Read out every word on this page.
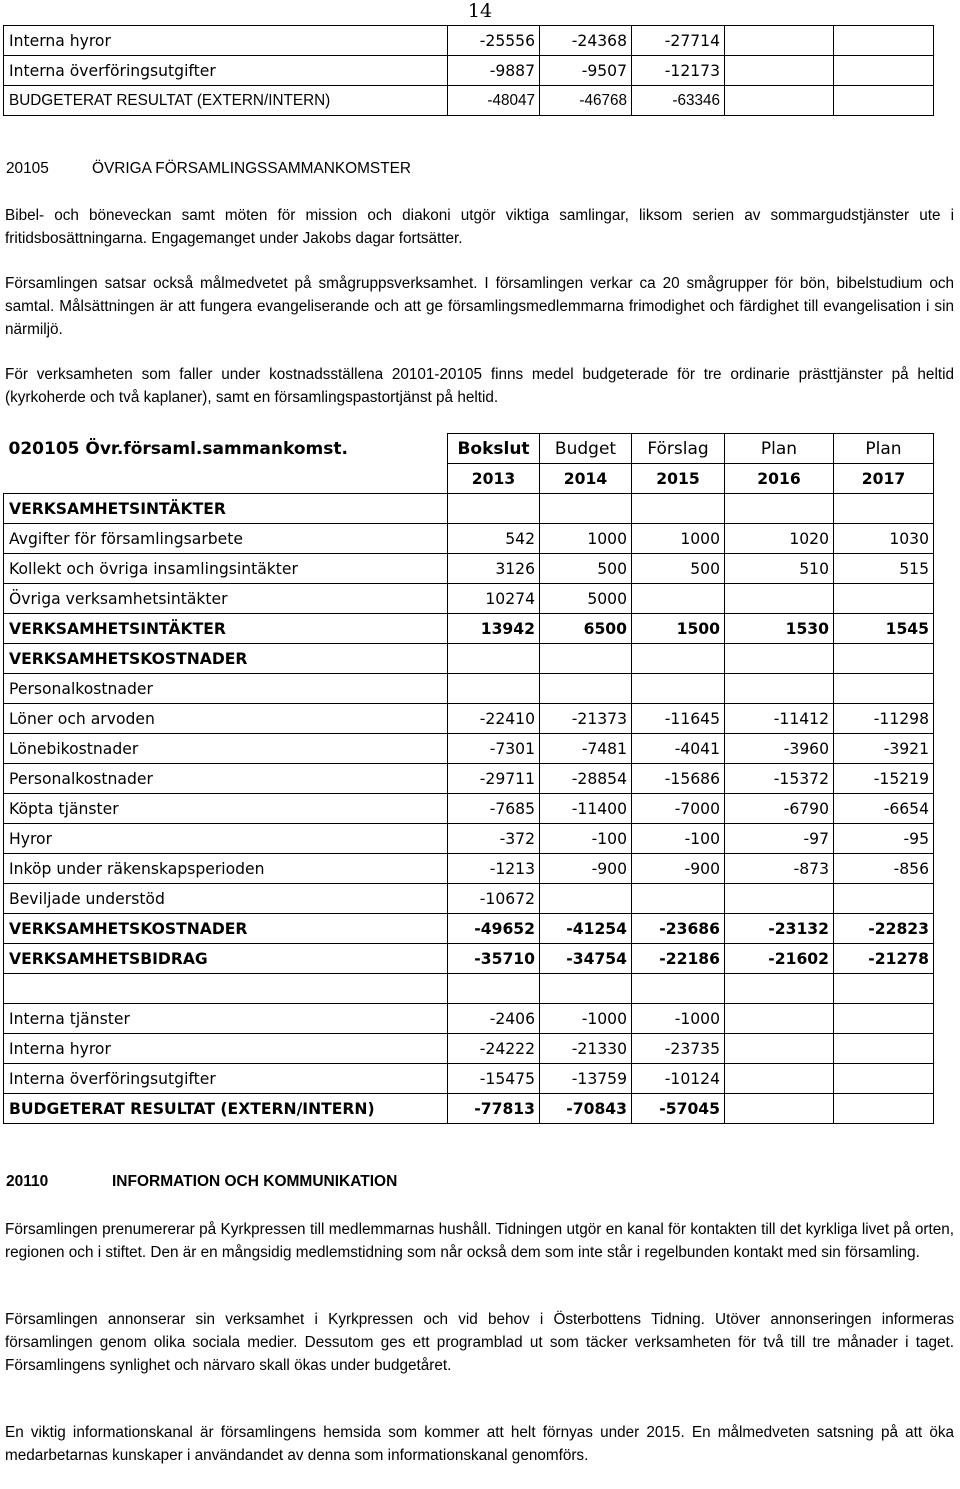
14
Interna hyror	-25556	-24368	-27714		
Interna överföringsutgifter	-9887	-9507	-12173		
BUDGETERAT RESULTAT (EXTERN/INTERN)	-48047	-46768	-63346		
20105	ÖVRIGA FÖRSAMLINGSSAMMANKOMSTER

Bibel- och böneveckan samt möten för mission och diakoni utgör viktiga samlingar, liksom serien av sommargudstjänster ute i fritidsbosättningarna. Engagemanget under Jakobs dagar fortsätter.

Församlingen satsar också målmedvetet på smågruppsverksamhet. I församlingen verkar ca 20 smågrupper för bön, bibelstudium och samtal. Målsättningen är att fungera evangeliserande och att ge församlingsmedlemmarna frimodighet och färdighet till evangelisation i sin närmiljö.

För verksamheten som faller under kostnadsställena 20101-20105 finns medel budgeterade för tre ordinarie prästtjänster på heltid (kyrkoherde och två kaplaner), samt en församlingspastortjänst på heltid.

020105 Övr.församl.sammankomst.	Bokslut	Budget	Förslag	Plan	Plan
	2013	2014	2015	2016	2017
VERKSAMHETSINTÄKTER					
Avgifter för församlingsarbete	542	1000	1000	1020	1030
Kollekt och övriga insamlingsintäkter	3126	500	500	510	515
Övriga verksamhetsintäkter	10274	5000			
VERKSAMHETSINTÄKTER	13942	6500	1500	1530	1545
VERKSAMHETSKOSTNADER					
Personalkostnader					
Löner och arvoden	-22410	-21373	-11645	-11412	-11298
Lönebikostnader	-7301	-7481	-4041	-3960	-3921
Personalkostnader	-29711	-28854	-15686	-15372	-15219
Köpta tjänster	-7685	-11400	-7000	-6790	-6654
Hyror	-372	-100	-100	-97	-95
Inköp under räkenskapsperioden	-1213	-900	-900	-873	-856
Beviljade understöd	-10672				
VERKSAMHETSKOSTNADER	-49652	-41254	-23686	-23132	-22823
VERKSAMHETSBIDRAG	-35710	-34754	-22186	-21602	-21278

Interna tjänster	-2406	-1000	-1000		
Interna hyror	-24222	-21330	-23735		
Interna överföringsutgifter	-15475	-13759	-10124		
BUDGETERAT RESULTAT (EXTERN/INTERN)	-77813	-70843	-57045		
20110	INFORMATION OCH KOMMUNIKATION

Församlingen prenumererar på Kyrkpressen till medlemmarnas hushåll. Tidningen utgör en kanal för kontakten till det kyrkliga livet på orten, regionen och i stiftet. Den är en mångsidig medlemstidning som når också dem som inte står i regelbunden kontakt med sin församling.

Församlingen annonserar sin verksamhet i Kyrkpressen och vid behov i Österbottens Tidning. Utöver annonseringen informeras församlingen genom olika sociala medier. Dessutom ges ett programblad ut som täcker verksamheten för två till tre månader i taget. Församlingens synlighet och närvaro skall ökas under budgetåret.

En viktig informationskanal är församlingens hemsida som kommer att helt förnyas under 2015. En målmedveten satsning på att öka medarbetarnas kunskaper i användandet av denna som informationskanal genomförs.
